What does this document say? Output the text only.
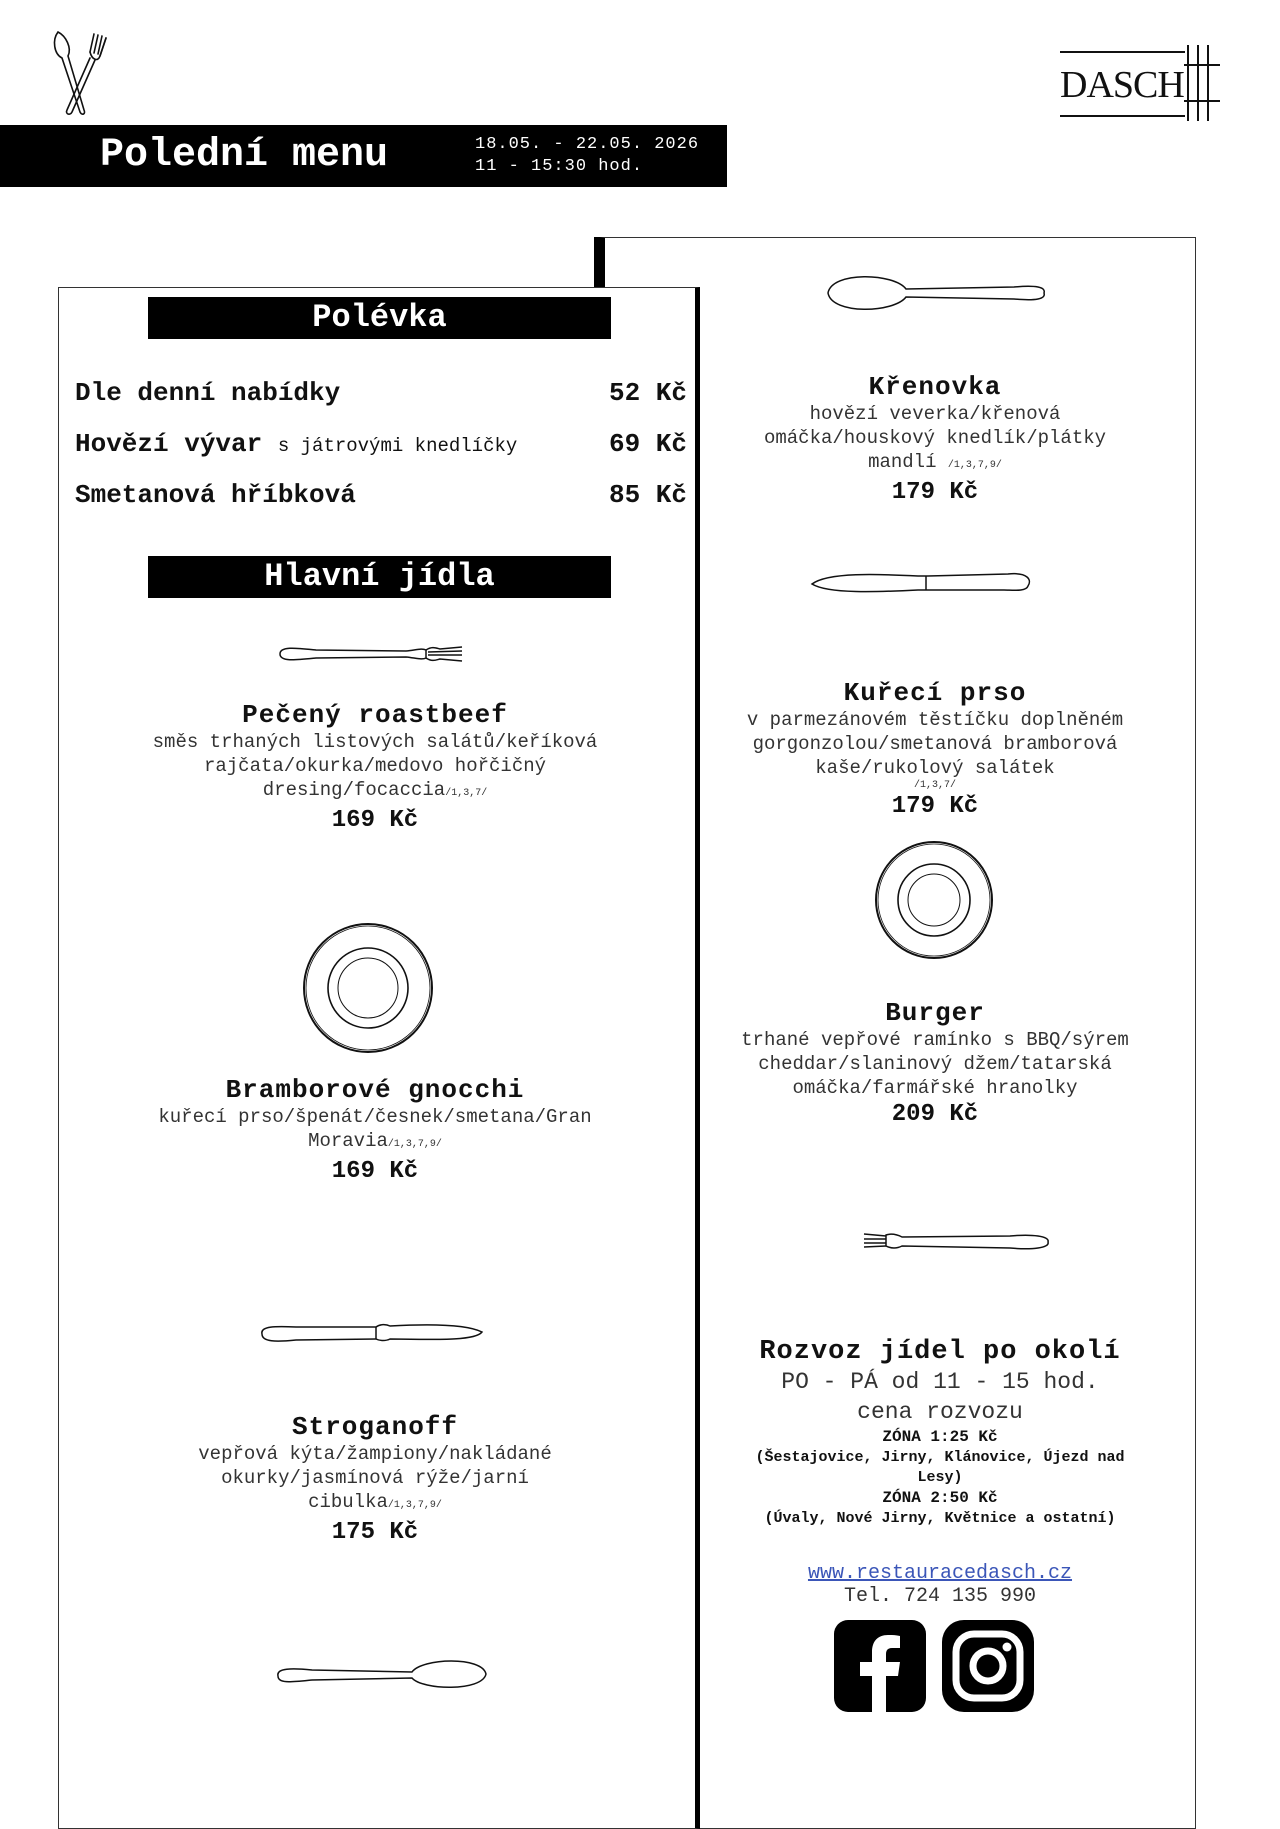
DASCH
Polední menu	18.05. - 22.05. 2026
11 - 15:30 hod.
Polévka
Dle denní nabídky	52 Kč
Hovězí vývar s játrovými knedlíčky	69 Kč
Smetanová hříbková	85 Kč
Hlavní jídla
Pečený roastbeef
směs trhaných listových salátů/keříková
rajčata/okurka/medovo hořčičný
dresing/focaccia/1,3,7/
169 Kč
Bramborové gnocchi
kuřecí prso/špenát/česnek/smetana/Gran
Moravia/1,3,7,9/
169 Kč
Stroganoff
vepřová kýta/žampiony/nakládané
okurky/jasmínová rýže/jarní
cibulka/1,3,7,9/
175 Kč
Křenovka
hovězí veverka/křenová
omáčka/houskový knedlík/plátky
mandlí /1,3,7,9/
179 Kč
Kuřecí prso
v parmezánovém těstíčku doplněném
gorgonzolou/smetanová bramborová
kaše/rukolový salátek
/1,3,7/
179 Kč
Burger
trhané vepřové ramínko s BBQ/sýrem
cheddar/slaninový džem/tatarská
omáčka/farmářské hranolky
209 Kč
Rozvoz jídel po okolí
PO - PÁ od 11 - 15 hod.
cena rozvozu
ZÓNA 1:25 Kč
(Šestajovice, Jirny, Klánovice, Újezd nad
Lesy)
ZÓNA 2:50 Kč
(Úvaly, Nové Jirny, Květnice a ostatní)
www.restauracedasch.cz
Tel. 724 135 990
